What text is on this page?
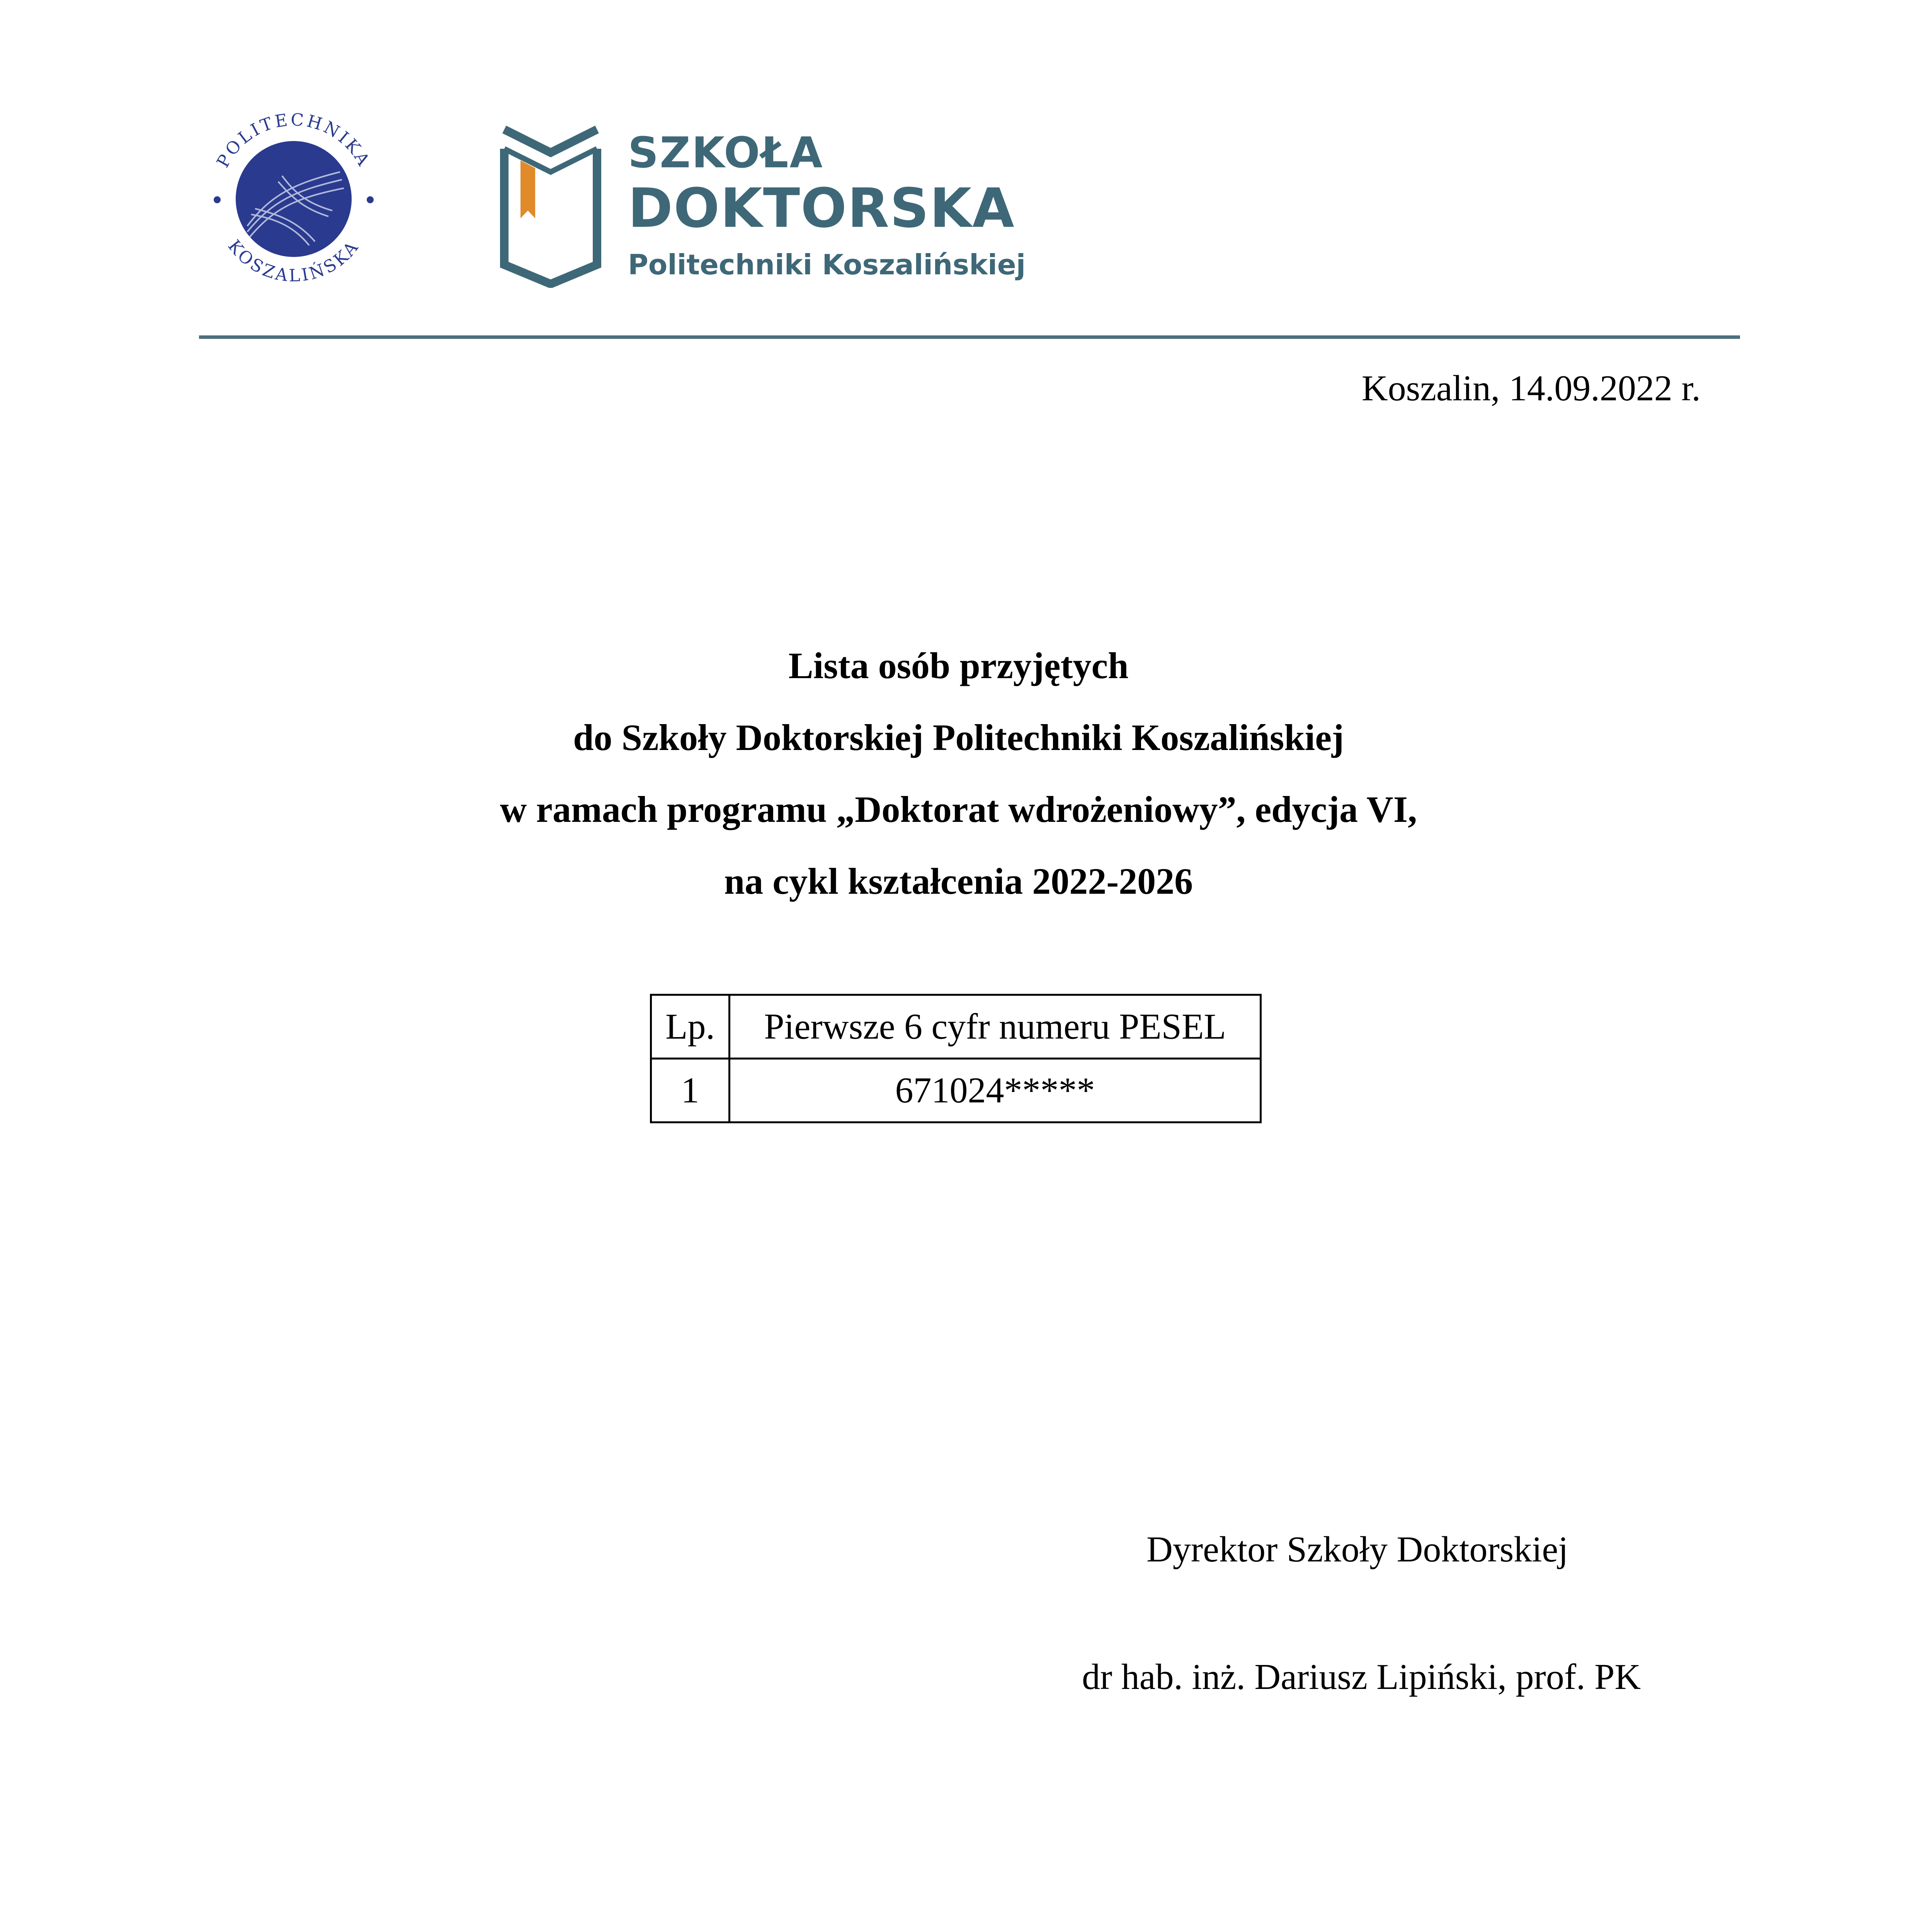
POLITECHNIKA
KOSZALIŃSKA
SZKOŁA
DOKTORSKA
Politechniki Koszalińskiej
Koszalin, 14.09.2022 r.
Lista osób przyjętych
do Szkoły Doktorskiej Politechniki Koszalińskiej
w ramach programu „Doktorat wdrożeniowy”, edycja VI,
na cykl kształcenia 2022-2026
Lp.	Pierwsze 6 cyfr numeru PESEL
1	671024*****
Dyrektor Szkoły Doktorskiej
dr hab. inż. Dariusz Lipiński, prof. PK
